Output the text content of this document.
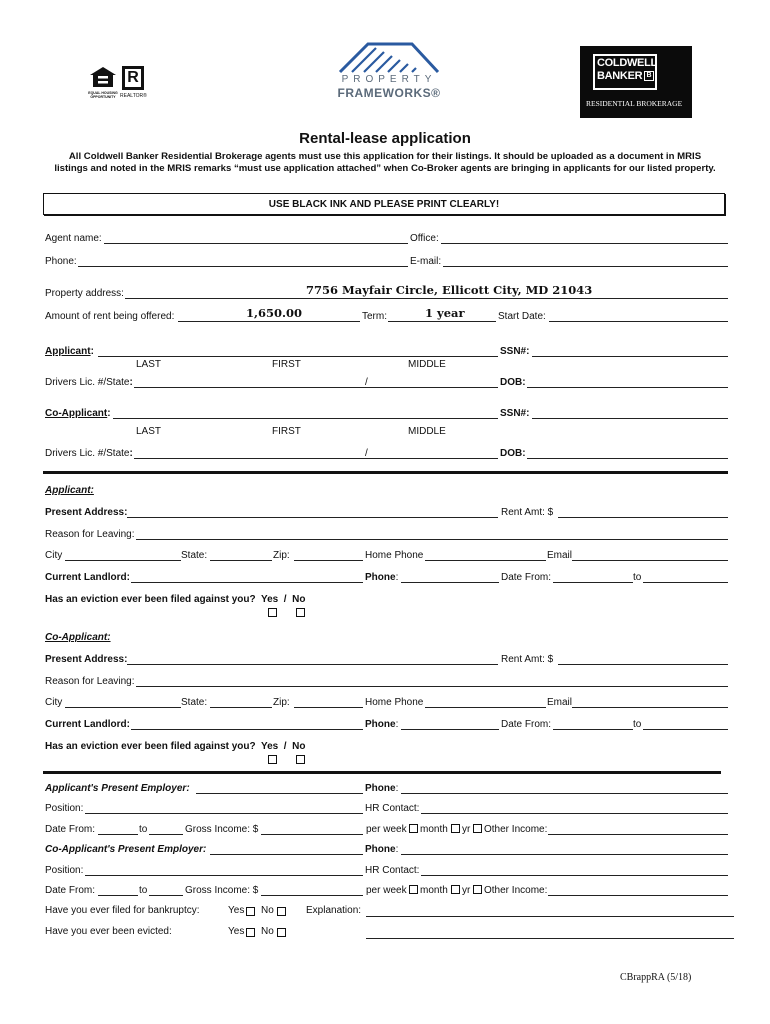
EQUAL HOUSING OPPORTUNITY
R
REALTOR®
PROPERTY
FRAMEWORKS®
COLDWELL
BANKER B
RESIDENTIAL BROKERAGE
Rental-lease application
All Coldwell Banker Residential Brokerage agents must use this application for their listings. It should be uploaded as a document in MRIS
listings and noted in the MRIS remarks “must use application attached” when Co-Broker agents are bringing in applicants for our listed property.
USE BLACK INK AND PLEASE PRINT CLEARLY!
Agent name:	Office:
Phone:	E-mail:
Property address:	7756 Mayfair Circle, Ellicott City, MD 21043
Amount of rent being offered:	1,650.00	Term:	1 year	Start Date:
Applicant:	SSN#:
LAST	FIRST	MIDDLE
Drivers Lic. #/State:	/	DOB:
Co-Applicant:	SSN#:
LAST	FIRST	MIDDLE
Drivers Lic. #/State:	/	DOB:
Applicant:
Present Address:	Rent Amt: $
Reason for Leaving:
City	State:	Zip:	Home Phone	Email
Current Landlord:	Phone:	Date From:	to
Has an eviction ever been filed against you?  Yes  /  No
Co-Applicant:
Present Address:	Rent Amt: $
Reason for Leaving:
City	State:	Zip:	Home Phone	Email
Current Landlord:	Phone:	Date From:	to
Has an eviction ever been filed against you?  Yes  /  No
Applicant's Present Employer:	Phone:
Position:	HR Contact:
Date From:	to	Gross Income: $	per week month yr Other Income:
Co-Applicant's Present Employer:	Phone:
Position:	HR Contact:
Date From:	to	Gross Income: $	per week month yr Other Income:
Have you ever filed for bankruptcy:	Yes No	Explanation:
Have you ever been evicted:	Yes No
CBrappRA (5/18)
